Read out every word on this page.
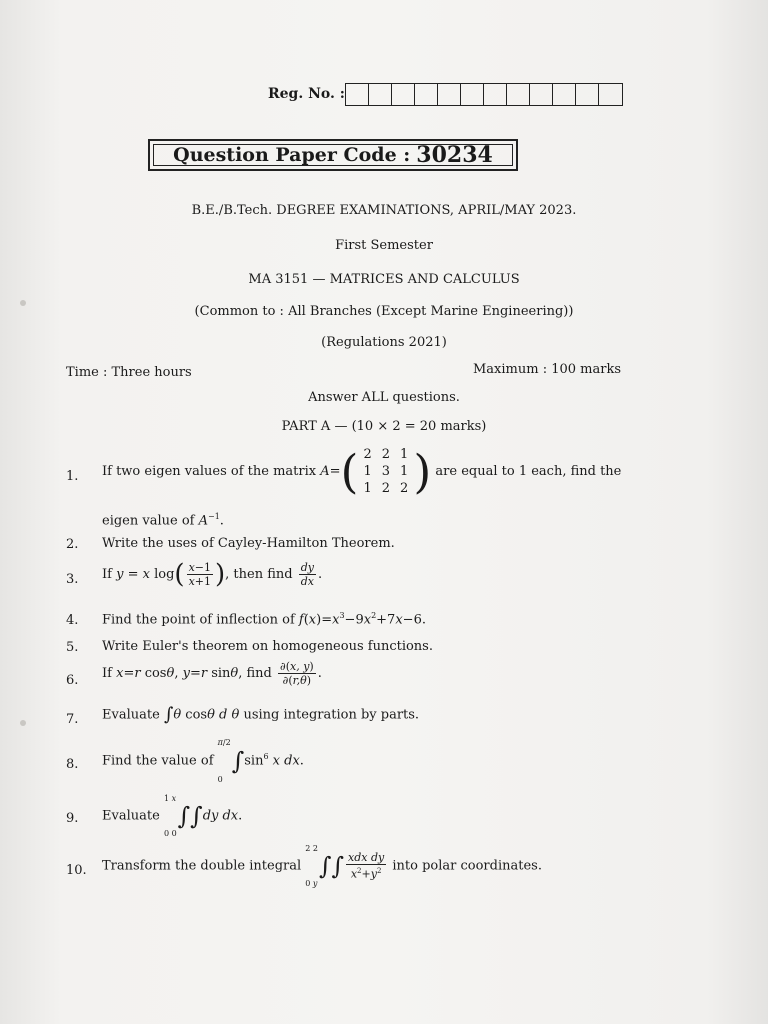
Reg. No. :
Question Paper Code : 30234
B.E./B.Tech. DEGREE EXAMINATIONS, APRIL/MAY 2023.
First Semester
MA 3151 — MATRICES AND CALCULUS
(Common to : All Branches (Except Marine Engineering))
(Regulations 2021)
Time : Three hours	Maximum : 100 marks
Answer ALL questions.
PART A — (10 × 2 = 20 marks)
1. If two eigen values of the matrix A=( 2	2	1
1	3	1
1	2	2 ) are equal to 1 each, find the
eigen value of $A^{-1}$.
2. Write the uses of Cayley-Hamilton Theorem.
3. If y = x $\log( \frac{x-1}{x+1}$ ), then find $\frac{dy}{dx}$ .
4. Find the point of inflection of $f(x)=x^3-9x^2+7x-6$.
5. Write Euler's theorem on homogeneous functions.
6. If x=r cosθ, y=r sinθ, find $\frac{\partial(x, y)}{\partial(r,\theta)}$ .
7. Evaluate ∫θ cosθ d θ using integration by parts.
8. Find the value of
π/2
0
$\int\sin^6$ x dx.
9. Evaluate
1 x
0 0
∫∫dy dx.
10. Transform the double integral
2 2
0 y
∫∫ $\frac{\text{xdx dy}}{x^2+y^2}$ into polar coordinates.
